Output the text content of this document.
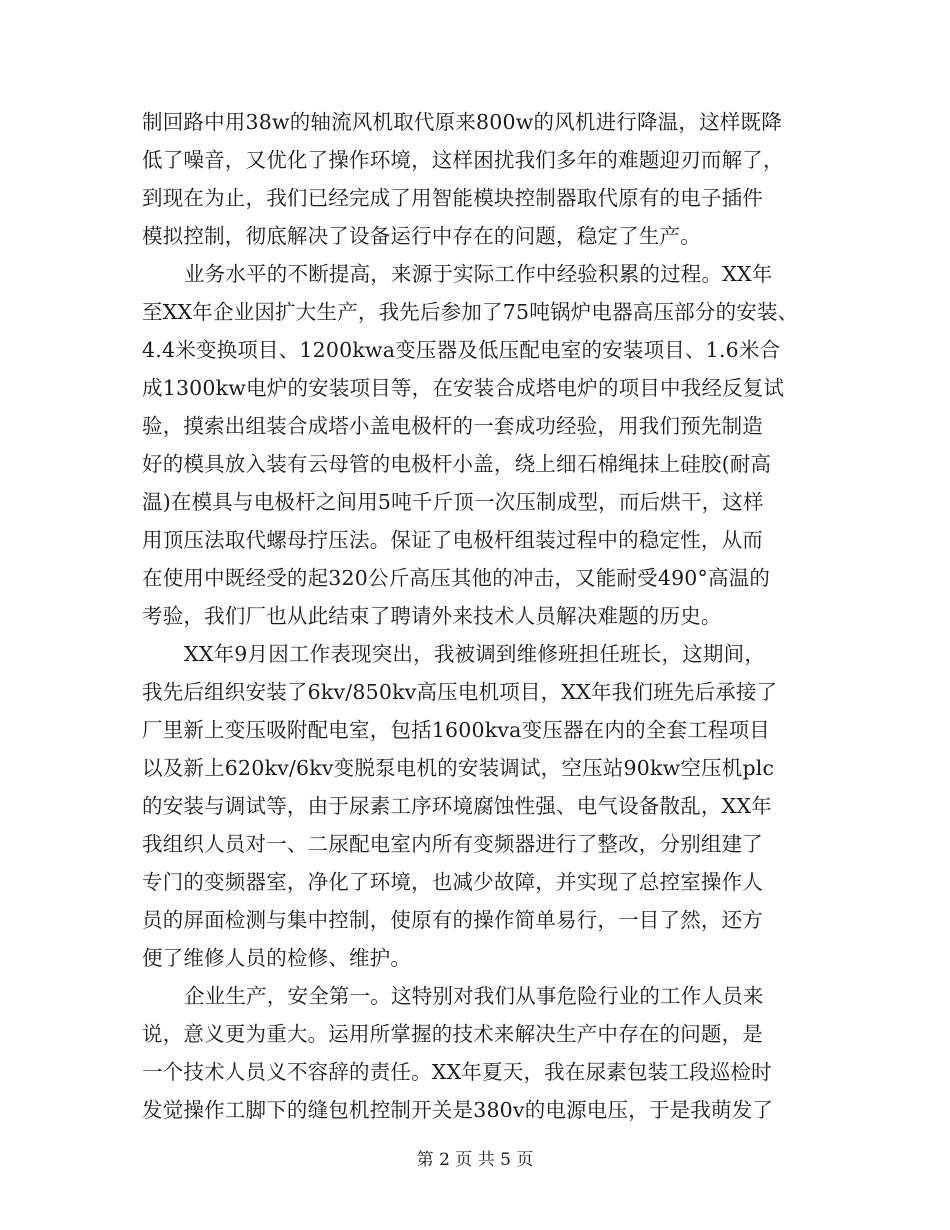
制回路中用38w的轴流风机取代原来800w的风机进行降温，这样既降
低了噪音，又优化了操作环境，这样困扰我们多年的难题迎刃而解了，
到现在为止，我们已经完成了用智能模块控制器取代原有的电子插件
模拟控制，彻底解决了设备运行中存在的问题，稳定了生产。
业务水平的不断提高，来源于实际工作中经验积累的过程。XX年
至XX年企业因扩大生产，我先后参加了75吨锅炉电器高压部分的安装、
4.4米变换项目、1200kwa变压器及低压配电室的安装项目、1.6米合
成1300kw电炉的安装项目等，在安装合成塔电炉的项目中我经反复试
验，摸索出组装合成塔小盖电极杆的一套成功经验，用我们预先制造
好的模具放入装有云母管的电极杆小盖，绕上细石棉绳抹上硅胶(耐高
温)在模具与电极杆之间用5吨千斤顶一次压制成型，而后烘干，这样
用顶压法取代螺母拧压法。保证了电极杆组装过程中的稳定性，从而
在使用中既经受的起320公斤高压其他的冲击，又能耐受490°高温的
考验，我们厂也从此结束了聘请外来技术人员解决难题的历史。
XX年9月因工作表现突出，我被调到维修班担任班长，这期间，
我先后组织安装了6kv/850kv高压电机项目，XX年我们班先后承接了
厂里新上变压吸附配电室，包括1600kva变压器在内的全套工程项目
以及新上620kv/6kv变脱泵电机的安装调试，空压站90kw空压机plc
的安装与调试等，由于尿素工序环境腐蚀性强、电气设备散乱，XX年
我组织人员对一、二尿配电室内所有变频器进行了整改，分别组建了
专门的变频器室，净化了环境，也减少故障，并实现了总控室操作人
员的屏面检测与集中控制，使原有的操作简单易行，一目了然，还方
便了维修人员的检修、维护。
企业生产，安全第一。这特别对我们从事危险行业的工作人员来
说，意义更为重大。运用所掌握的技术来解决生产中存在的问题，是
一个技术人员义不容辞的责任。XX年夏天，我在尿素包装工段巡检时
发觉操作工脚下的缝包机控制开关是380v的电源电压，于是我萌发了
第 2 页 共 5 页
